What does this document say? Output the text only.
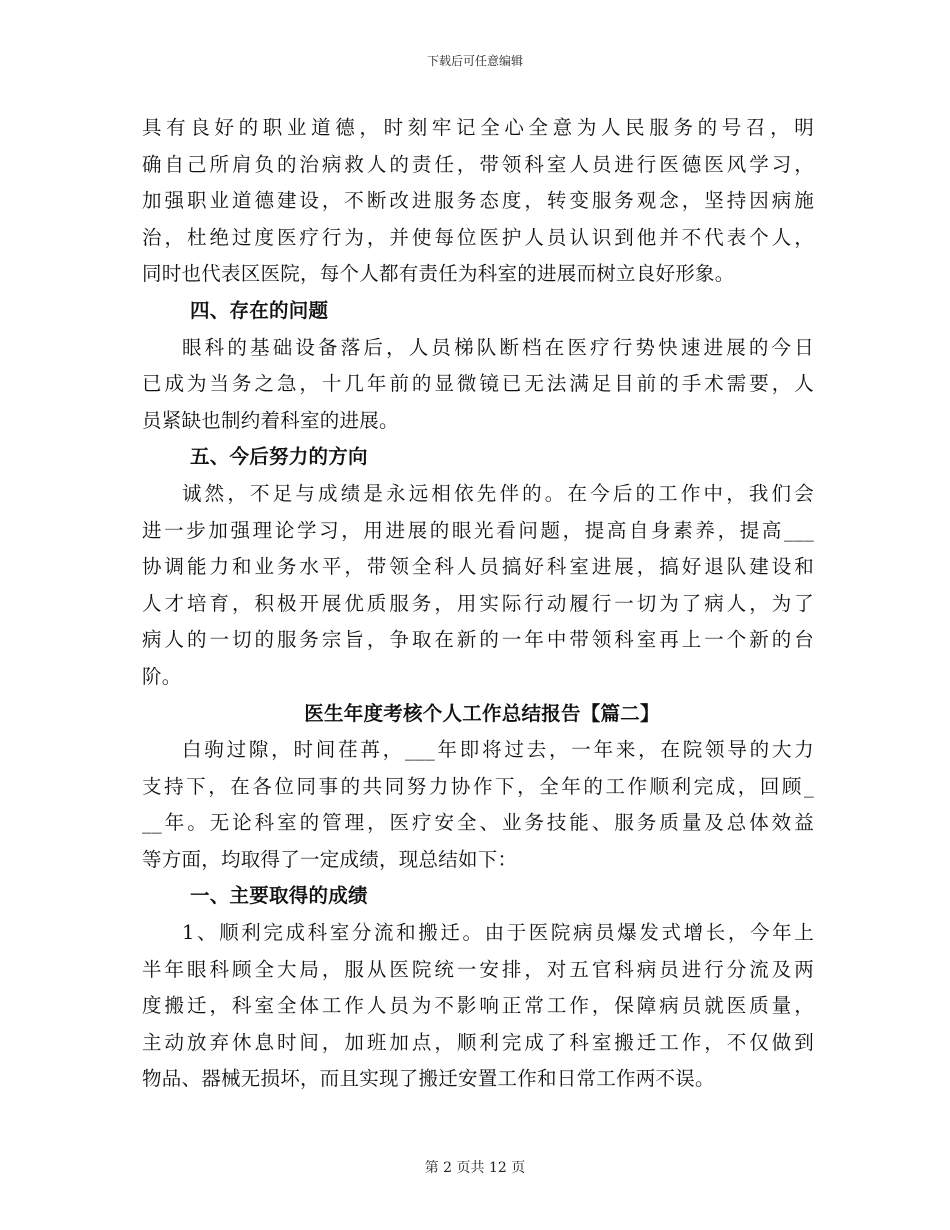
下载后可任意编辑
具有良好的职业道德，时刻牢记全心全意为人民服务的号召，明
确自己所肩负的治病救人的责任，带领科室人员进行医德医风学习，
加强职业道德建设，不断改进服务态度，转变服务观念，坚持因病施
治，杜绝过度医疗行为，并使每位医护人员认识到他并不代表个人，
同时也代表区医院，每个人都有责任为科室的进展而树立良好形象。
四、存在的问题
眼科的基础设备落后，人员梯队断档在医疗行势快速进展的今日
已成为当务之急，十几年前的显微镜已无法满足目前的手术需要，人
员紧缺也制约着科室的进展。
五、今后努力的方向
诚然，不足与成绩是永远相依先伴的。在今后的工作中，我们会
进一步加强理论学习，用进展的眼光看问题，提高自身素养，提高___
协调能力和业务水平，带领全科人员搞好科室进展，搞好退队建设和
人才培育，积极开展优质服务，用实际行动履行一切为了病人，为了
病人的一切的服务宗旨，争取在新的一年中带领科室再上一个新的台
阶。
医生年度考核个人工作总结报告【篇二】
白驹过隙，时间荏苒，___年即将过去，一年来，在院领导的大力
支持下，在各位同事的共同努力协作下，全年的工作顺利完成，回顾_
__年。无论科室的管理，医疗安全、业务技能、服务质量及总体效益
等方面，均取得了一定成绩，现总结如下：
一、主要取得的成绩
1、顺利完成科室分流和搬迁。由于医院病员爆发式增长，今年上
半年眼科顾全大局，服从医院统一安排，对五官科病员进行分流及两
度搬迁，科室全体工作人员为不影响正常工作，保障病员就医质量，
主动放弃休息时间，加班加点，顺利完成了科室搬迁工作，不仅做到
物品、器械无损坏，而且实现了搬迁安置工作和日常工作两不误。
第 2 页共 12 页
